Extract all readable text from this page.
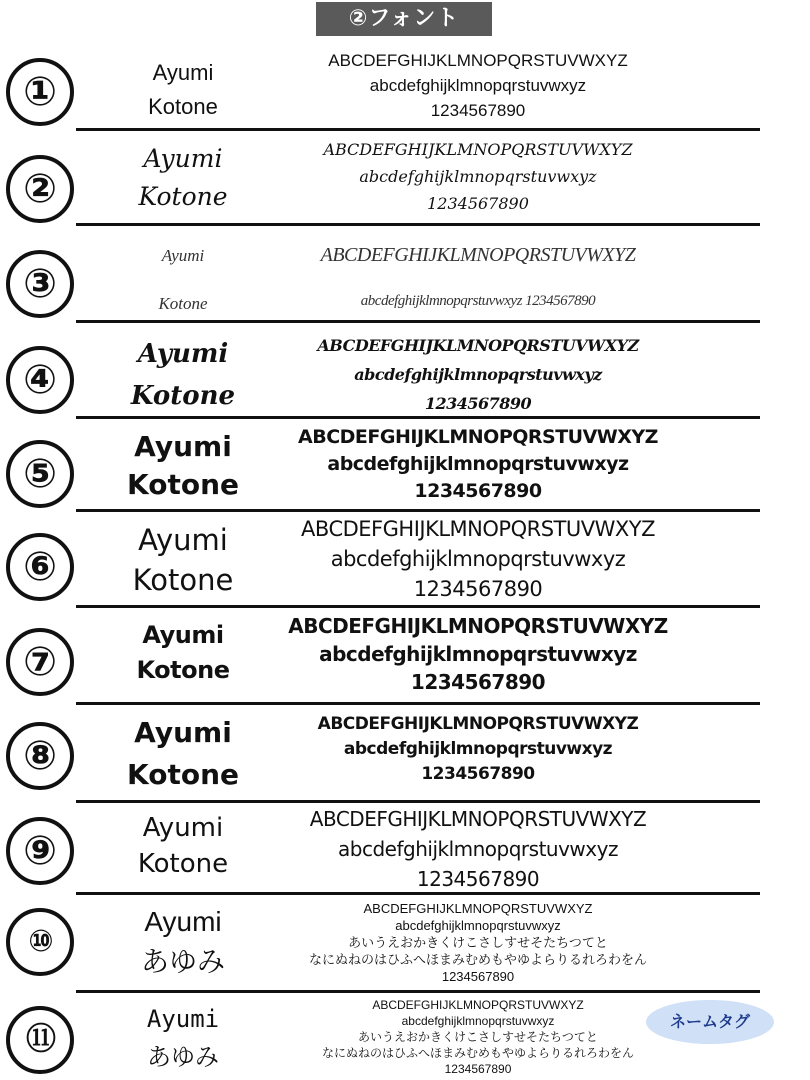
②フォント
①	Ayumi
Kotone
ABCDEFGHIJKLMNOPQRSTUVWXYZ
abcdefghijklmnopqrstuvwxyz
1234567890
②
Ayumi
Kotone
ABCDEFGHIJKLMNOPQRSTUVWXYZ
abcdefghijklmnopqrstuvwxyz
1234567890
③
Ayumi
Kotone
ABCDEFGHIJKLMNOPQRSTUVWXYZ
abcdefghijklmnopqrstuvwxyz 1234567890
④
Ayumi
Kotone
ABCDEFGHIJKLMNOPQRSTUVWXYZ
abcdefghijklmnopqrstuvwxyz
1234567890
⑤
Ayumi
Kotone
ABCDEFGHIJKLMNOPQRSTUVWXYZ
abcdefghijklmnopqrstuvwxyz
1234567890
⑥
Ayumi
Kotone
ABCDEFGHIJKLMNOPQRSTUVWXYZ
abcdefghijklmnopqrstuvwxyz
1234567890
⑦
Ayumi
Kotone
ABCDEFGHIJKLMNOPQRSTUVWXYZ
abcdefghijklmnopqrstuvwxyz
1234567890
⑧
Ayumi
Kotone
ABCDEFGHIJKLMNOPQRSTUVWXYZ
abcdefghijklmnopqrstuvwxyz
1234567890
⑨	Ayumi
Kotone
ABCDEFGHIJKLMNOPQRSTUVWXYZ
abcdefghijklmnopqrstuvwxyz
1234567890
⑩
Ayumi
あゆみ
ABCDEFGHIJKLMNOPQRSTUVWXYZ
abcdefghijklmnopqrstuvwxyz
あいうえおかきくけこさしすせそたちつてと
なにぬねのはひふへほまみむめもやゆよらりるれろわをん
1234567890
⑪
Ayumi
あゆみ
ABCDEFGHIJKLMNOPQRSTUVWXYZ
abcdefghijklmnopqrstuvwxyz
あいうえおかきくけこさしすせそたちつてと
なにぬねのはひふへほまみむめもやゆよらりるれろわをん
1234567890
ネームタグ
